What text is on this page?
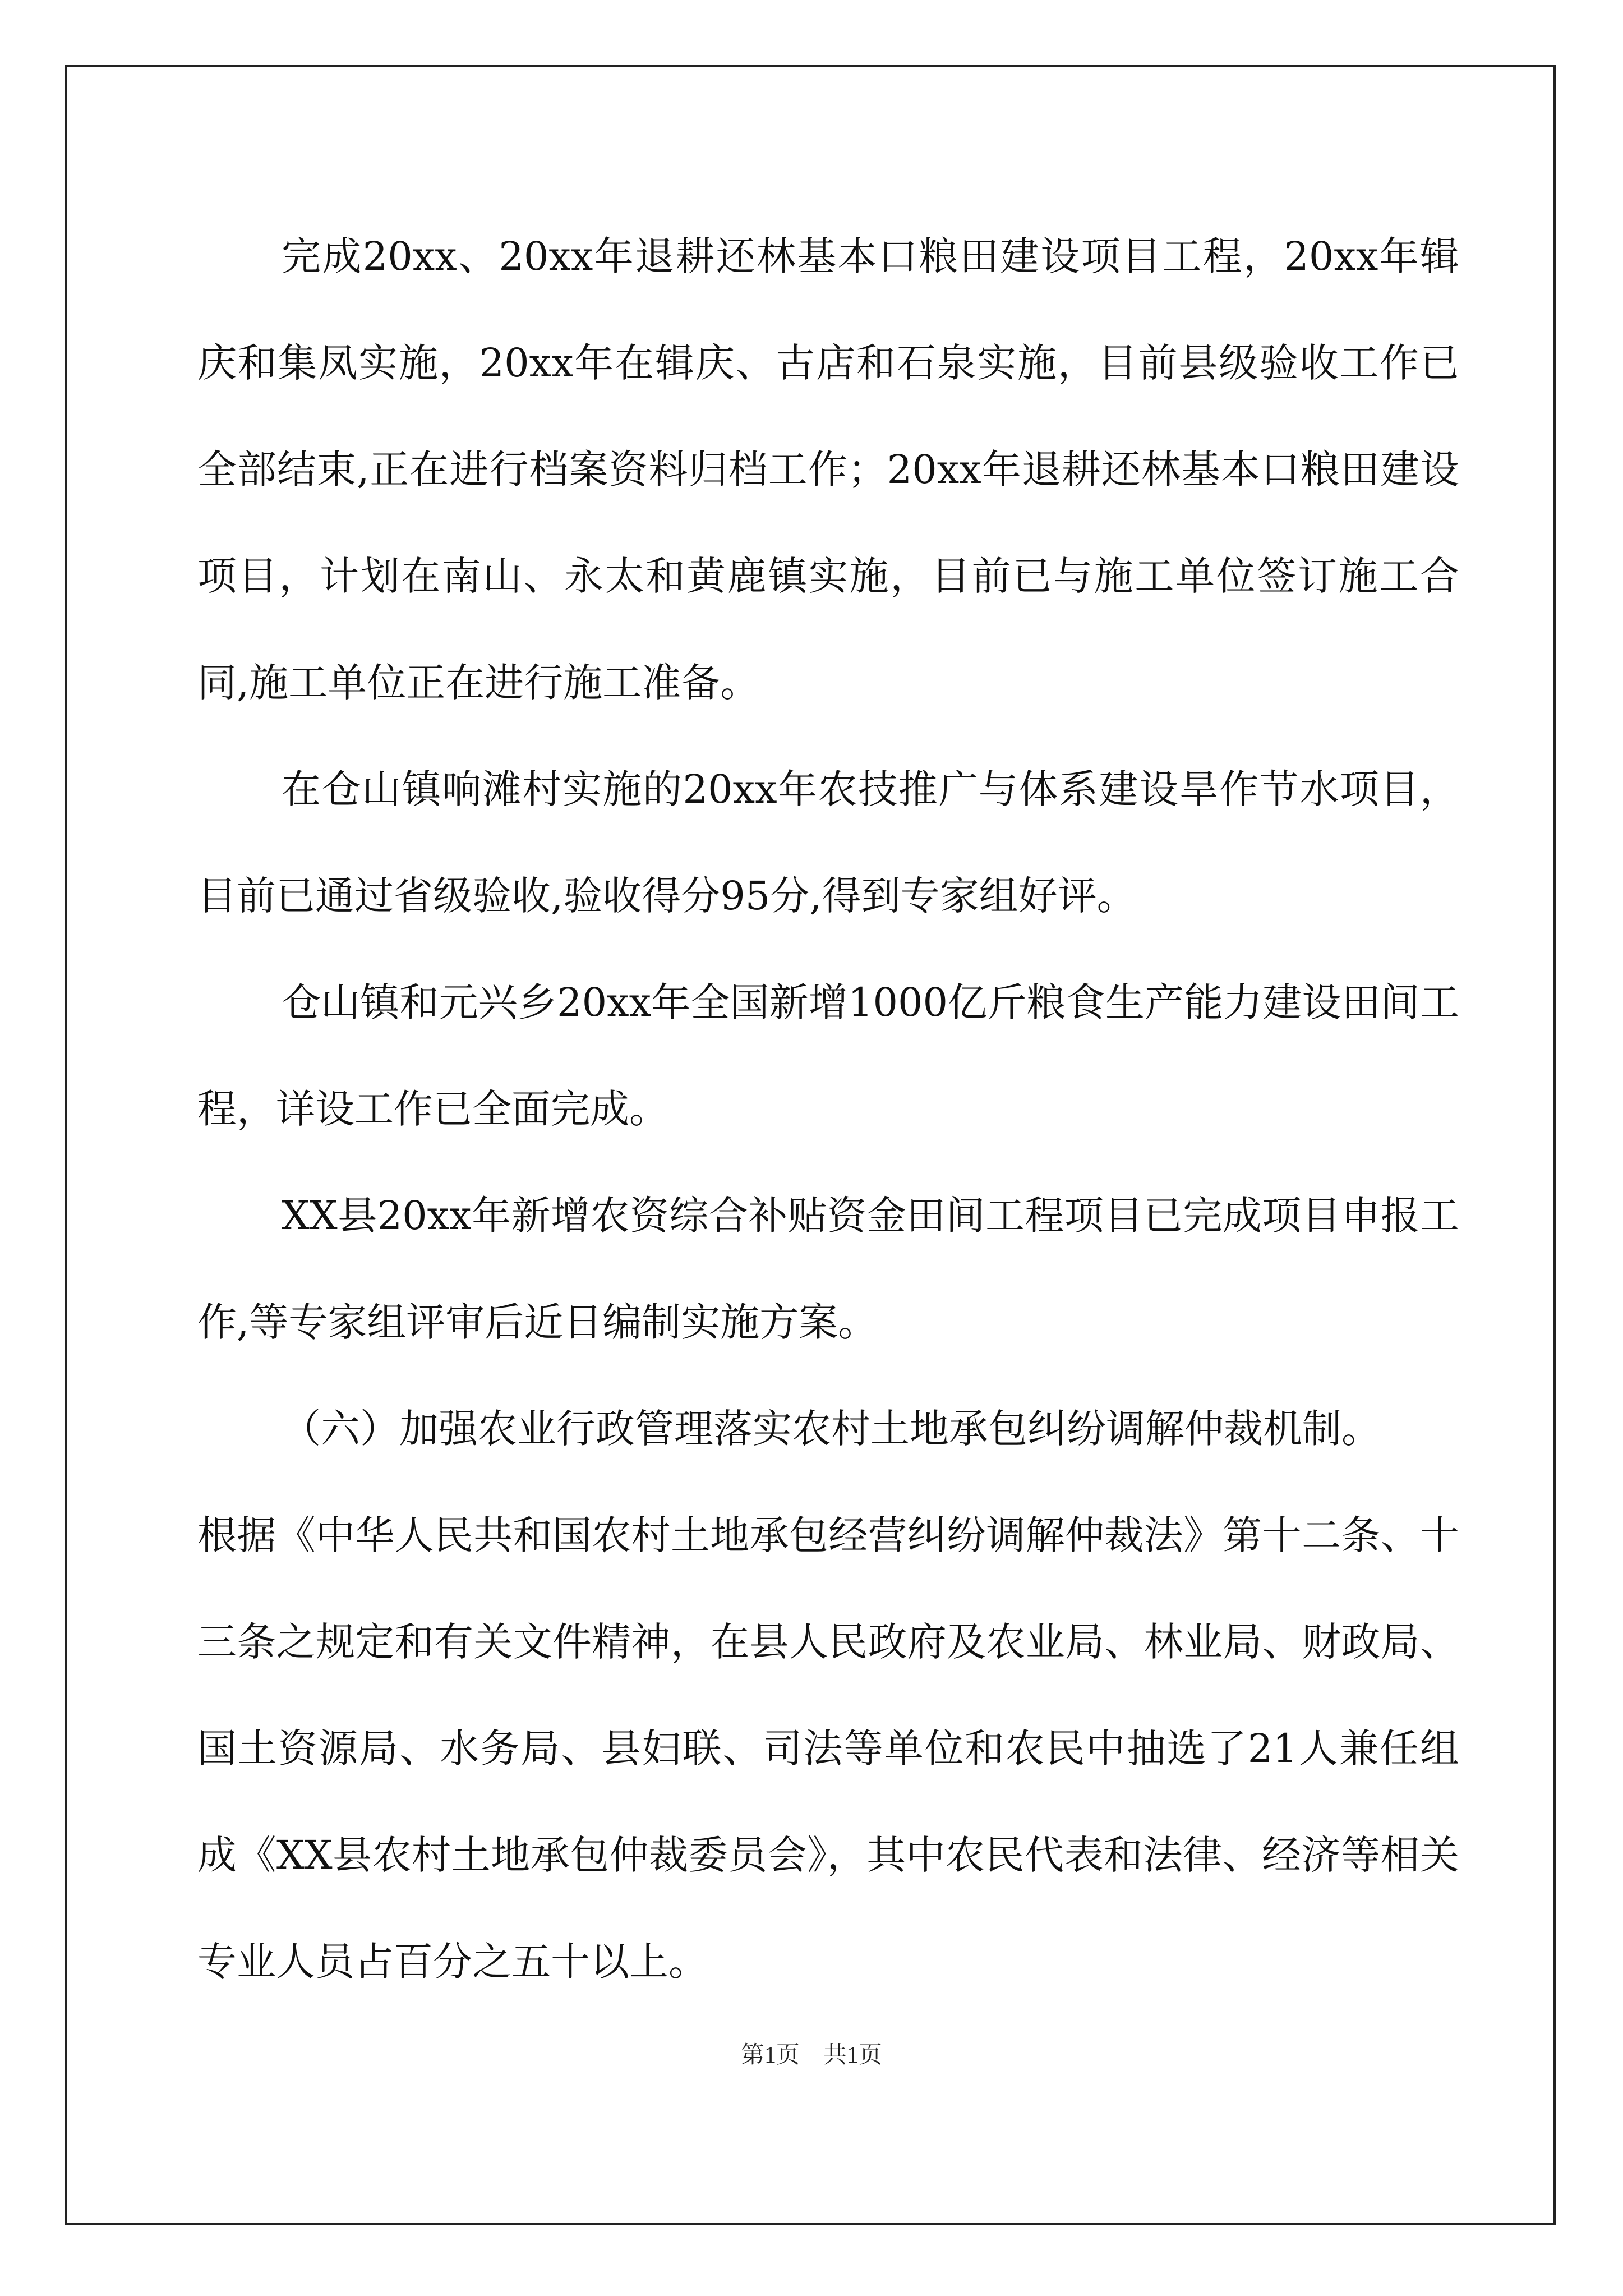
完成20xx、20xx年退耕还林基本口粮田建设项目工程，20xx年辑庆和集凤实施，20xx年在辑庆、古店和石泉实施，目前县级验收工作已全部结束,正在进行档案资料归档工作；20xx年退耕还林基本口粮田建设项目，计划在南山、永太和黄鹿镇实施，目前已与施工单位签订施工合同,施工单位正在进行施工准备。

在仓山镇响滩村实施的20xx年农技推广与体系建设旱作节水项目，目前已通过省级验收,验收得分95分,得到专家组好评。

仓山镇和元兴乡20xx年全国新增1000亿斤粮食生产能力建设田间工程，详设工作已全面完成。

XX县20xx年新增农资综合补贴资金田间工程项目已完成项目申报工作,等专家组评审后近日编制实施方案。

（六）加强农业行政管理落实农村土地承包纠纷调解仲裁机制。

根据《中华人民共和国农村土地承包经营纠纷调解仲裁法》第十二条、十三条之规定和有关文件精神，在县人民政府及农业局、林业局、财政局、国土资源局、水务局、县妇联、司法等单位和农民中抽选了21人兼任组成《XX县农村土地承包仲裁委员会》，其中农民代表和法律、经济等相关专业人员占百分之五十以上。

第1页　共1页
